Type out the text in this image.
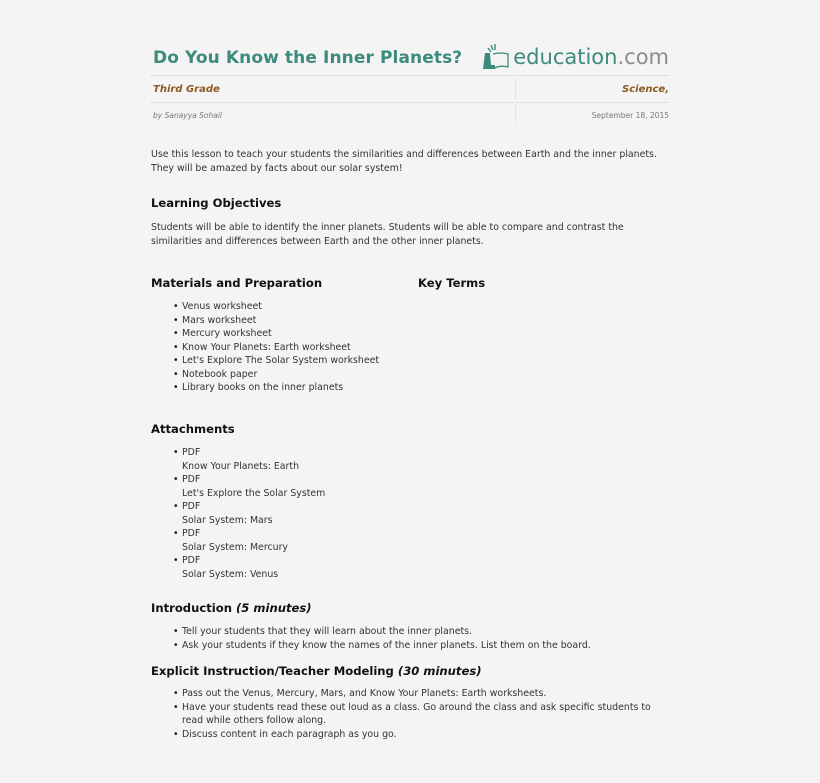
Do You Know the Inner Planets? education .com
Third Grade	Science,
by Sanayya Sohail	September 18, 2015

Use this lesson to teach your students the similarities and differences between Earth and the inner planets. They will be amazed by facts about our solar system!

Learning Objectives

Students will be able to identify the inner planets. Students will be able to compare and contrast the similarities and differences between Earth and the other inner planets.

Materials and Preparation
• Venus worksheet
• Mars worksheet
• Mercury worksheet
• Know Your Planets: Earth worksheet
• Let's Explore The Solar System worksheet
• Notebook paper
• Library books on the inner planets
Key Terms
Attachments
• PDF
Know Your Planets: Earth
• PDF
Let's Explore the Solar System
• PDF
Solar System: Mars
• PDF
Solar System: Mercury
• PDF
Solar System: Venus
Introduction (5 minutes)
• Tell your students that they will learn about the inner planets.
• Ask your students if they know the names of the inner planets. List them on the board.
Explicit Instruction/Teacher Modeling (30 minutes)
• Pass out the Venus, Mercury, Mars, and Know Your Planets: Earth worksheets.
• Have your students read these out loud as a class. Go around the class and ask specific students to read while others follow along.
• Discuss content in each paragraph as you go.
